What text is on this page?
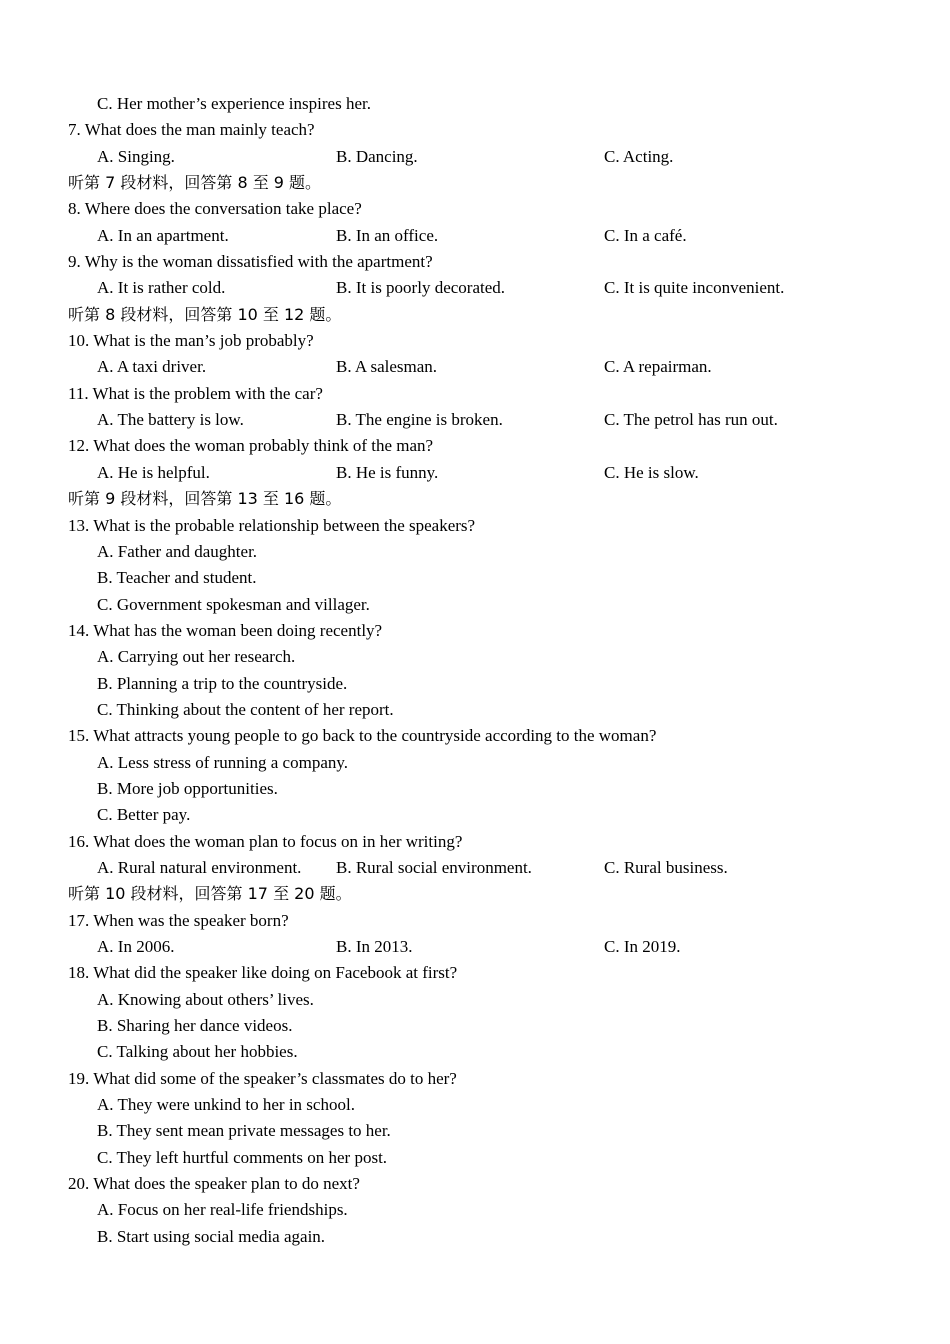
C. Her mother’s experience inspires her.
7. What does the man mainly teach?
A. Singing.	B. Dancing.	C. Acting.
听第 7 段材料，回答第 8 至 9 题。
8. Where does the conversation take place?
A. In an apartment.	B. In an office.	C. In a café.
9. Why is the woman dissatisfied with the apartment?
A. It is rather cold.	B. It is poorly decorated.	C. It is quite inconvenient.
听第 8 段材料，回答第 10 至 12 题。
10. What is the man’s job probably?
A. A taxi driver.	B. A salesman.	C. A repairman.
11. What is the problem with the car?
A. The battery is low.	B. The engine is broken.	C. The petrol has run out.
12. What does the woman probably think of the man?
A. He is helpful.	B. He is funny.	C. He is slow.
听第 9 段材料，回答第 13 至 16 题。
13. What is the probable relationship between the speakers?
A. Father and daughter.
B. Teacher and student.
C. Government spokesman and villager.
14. What has the woman been doing recently?
A. Carrying out her research.
B. Planning a trip to the countryside.
C. Thinking about the content of her report.
15. What attracts young people to go back to the countryside according to the woman?
A. Less stress of running a company.
B. More job opportunities.
C. Better pay.
16. What does the woman plan to focus on in her writing?
A. Rural natural environment. B. Rural social environment.	C. Rural business.
听第 10 段材料，回答第 17 至 20 题。
17. When was the speaker born?
A. In 2006.	B. In 2013.	C. In 2019.
18. What did the speaker like doing on Facebook at first?
A. Knowing about others’ lives.
B. Sharing her dance videos.
C. Talking about her hobbies.
19. What did some of the speaker’s classmates do to her?
A. They were unkind to her in school.
B. They sent mean private messages to her.
C. They left hurtful comments on her post.
20. What does the speaker plan to do next?
A. Focus on her real-life friendships.
B. Start using social media again.
